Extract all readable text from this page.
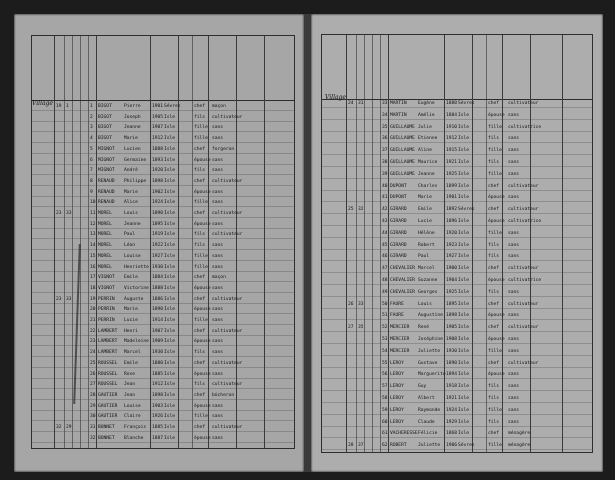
19 1	1 BIGOT	Pierre 1901 Sévres	chef maçon
2 BIGOT	Joseph 1905 Isle	fils cultivateur
3 BIGOT	Jeanne 1907 Isle	fille sans
4 BIGOT	Marie	1912 Isle	fille sans
5 MIGNOT Lucien 1888 Isle	chef forgeron
6 MIGNOT Germaine 1893 Isle	épouse sans
7 MIGNOT André	1920 Isle	fils sans
8 RENAUD Philippe 1898 Isle	chef cultivateur
9 RENAUD Marie	1902 Isle	épouse sans
10 RENAUD Alice	1924 Isle	fille sans
23 33	11 MOREL	Louis	1890 Isle	chef cultivateur
12 MOREL	Jeanne 1895 Isle	épouse sans
13 MOREL	Paul	1919 Isle	fils cultivateur
14 MOREL	Léon	1922 Isle	fils sans
15 MOREL	Louise 1927 Isle	fille sans
16 MOREL	Henriette 1930 Isle	fille sans
17 VIGNOT Emile	1884 Isle	chef maçon
18 VIGNOT Victorine 1888 Isle	épouse sans
23 33	19 PERRIN Auguste 1886 Isle	chef cultivateur
20 PERRIN Marie	1890 Isle	épouse sans
21 PERRIN Lucie	1914 Isle	fille sans
22 LAMBERT Henri	1907 Isle	chef cultivateur
23 LAMBERT Madeleine 1909 Isle	épouse sans
24 LAMBERT Marcel 1930 Isle	fils sans
25 ROUSSEL Emile	1880 Isle	chef cultivateur
26 ROUSSEL Rose	1885 Isle	épouse sans
27 ROUSSEL Jean	1912 Isle	fils cultivateur
28 GAUTIER Jean	1898 Isle	chef bûcheron
29 GAUTIER Louise 1903 Isle	épouse sans
30 GAUTIER Claire 1926 Isle	fille sans
32 29	31 BONNET François 1885 Isle	chef cultivateur
32 BONNET Blanche 1887 Isle	épouse sans
Village	24 31	33 MARTIN Eugène 1880 Sévres	chef cultivateur
34 MARTIN Amélie 1884 Isle	épouse sans
35 GUILLAUME Julie	1910 Isle	fille cultivatrice
36 GUILLAUME Etienne 1912 Isle	fils sans
37 GUILLAUME Aline	1915 Isle	fille sans
38 GUILLAUME Maurice 1921 Isle	fils sans
39 GUILLAUME Jeanne 1925 Isle	fille sans
40 DUPONT Charles 1899 Isle	chef cultivateur
41 DUPONT Marie	1901 Isle	épouse sans
25 32	42 GIRARD Emile	1892 Sévres	chef cultivateur
43 GIRARD Lucie	1896 Isle	épouse cultivatrice
44 GIRARD Hélène 1920 Isle	fille sans
45 GIRARD Robert 1923 Isle	fils sans
46 GIRARD Paul	1927 Isle	fils sans
47 CHEVALIER Marcel 1900 Isle	chef cultivateur
48 CHEVALIER Suzanne 1904 Isle	épouse cultivatrice
49 CHEVALIER Georges 1925 Isle	fils sans
26 33	50 FAURE	Louis	1895 Isle	chef cultivateur
51 FAURE	Augustine 1898 Isle	épouse sans
27 35	52 MERCIER René	1905 Isle	chef cultivateur
53 MERCIER Joséphine 1908 Isle	épouse sans
54 MERCIER Juliette 1930 Isle	fille sans
55 LEROY	Gustave 1890 Isle	chef cultivateur
56 LEROY	Marguerite 1894 Isle	épouse sans
57 LEROY	Guy	1918 Isle	fils sans
58 LEROY	Albert 1921 Isle	fils sans
59 LEROY	Raymonde 1924 Isle	fille sans
60 LEROY	Claude 1929 Isle	fils sans
61 VACHERESSE Félicie 1868 Isle	chef ménagère
28 37	62 ROBERT Juliette 1906 Sévres	fille ménagère
Village
